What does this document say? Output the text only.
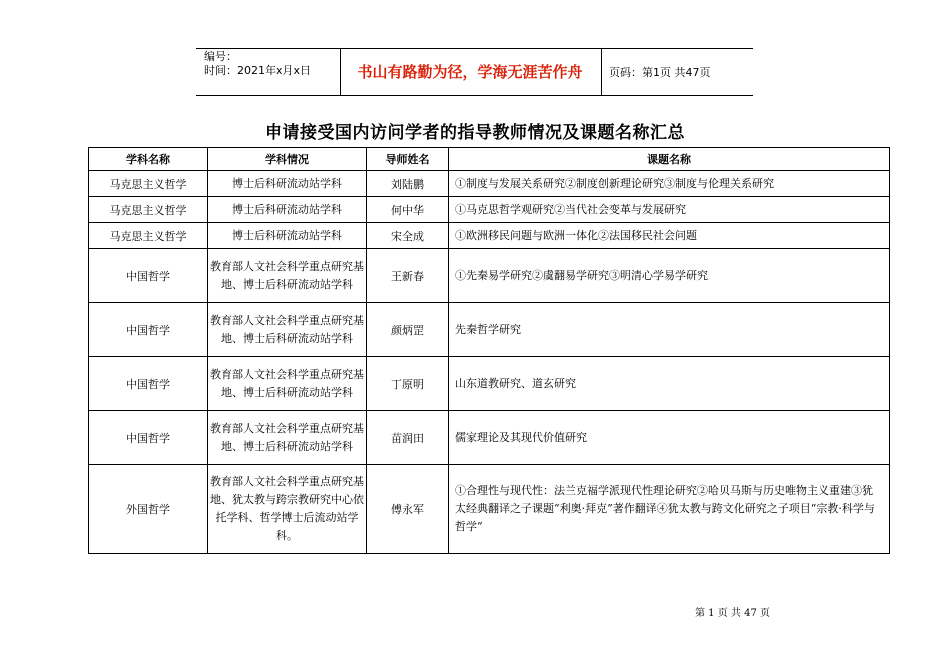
编号：
时间：2021年x月x日	书山有路勤为径，学海无涯苦作舟	页码：第1页 共47页
申请接受国内访问学者的指导教师情况及课题名称汇总
学科名称	学科情况	导师姓名	课题名称
马克思主义哲学	博士后科研流动站学科	刘陆鹏	①制度与发展关系研究②制度创新理论研究③制度与伦理关系研究
马克思主义哲学	博士后科研流动站学科	何中华	①马克思哲学观研究②当代社会变革与发展研究
马克思主义哲学	博士后科研流动站学科	宋全成	①欧洲移民问题与欧洲一体化②法国移民社会问题
中国哲学	教育部人文社会科学重点研究基地、博士后科研流动站学科	王新春	①先秦易学研究②虞翻易学研究③明清心学易学研究
中国哲学	教育部人文社会科学重点研究基地、博士后科研流动站学科	颜炳罡	先秦哲学研究
中国哲学	教育部人文社会科学重点研究基地、博士后科研流动站学科	丁原明	山东道教研究、道玄研究
中国哲学	教育部人文社会科学重点研究基地、博士后科研流动站学科	苗润田	儒家理论及其现代价值研究
外国哲学	教育部人文社会科学重点研究基地、犹太教与跨宗教研究中心依托学科、哲学博士后流动站学科。	傅永军	①合理性与现代性：法兰克福学派现代性理论研究②哈贝马斯与历史唯物主义重建③犹太经典翻译之子课题“利奥·拜克”著作翻译④犹太教与跨文化研究之子项目“宗教·科学与哲学”
第 1 页 共 47 页
